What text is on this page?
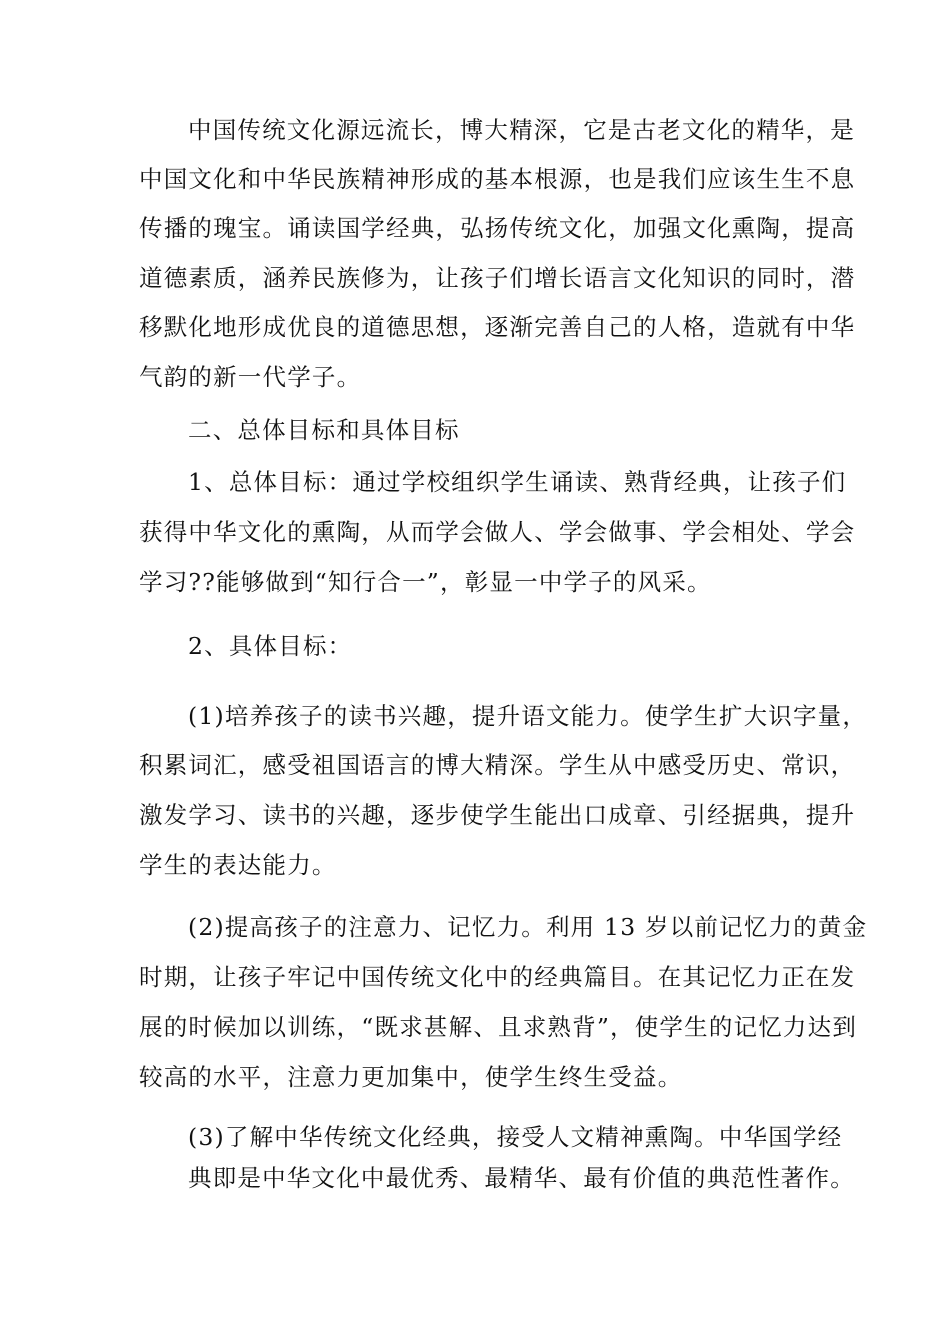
中国传统文化源远流长，博大精深，它是古老文化的精华，是
中国文化和中华民族精神形成的基本根源，也是我们应该生生不息
传播的瑰宝。诵读国学经典，弘扬传统文化，加强文化熏陶，提高
道德素质，涵养民族修为，让孩子们增长语言文化知识的同时，潜
移默化地形成优良的道德思想，逐渐完善自己的人格，造就有中华
气韵的新一代学子。
二、总体目标和具体目标
1、总体目标：通过学校组织学生诵读、熟背经典，让孩子们
获得中华文化的熏陶，从而学会做人、学会做事、学会相处、学会
学习??能够做到“知行合一”，彰显一中学子的风采。
2、具体目标：
(1)培养孩子的读书兴趣，提升语文能力。使学生扩大识字量，
积累词汇，感受祖国语言的博大精深。学生从中感受历史、常识，
激发学习、读书的兴趣，逐步使学生能出口成章、引经据典，提升
学生的表达能力。
(2)提高孩子的注意力、记忆力。利用 13 岁以前记忆力的黄金
时期，让孩子牢记中国传统文化中的经典篇目。在其记忆力正在发
展的时候加以训练，“既求甚解、且求熟背”，使学生的记忆力达到
较高的水平，注意力更加集中，使学生终生受益。
(3)了解中华传统文化经典，接受人文精神熏陶。中华国学经
典即是中华文化中最优秀、最精华、最有价值的典范性著作。
